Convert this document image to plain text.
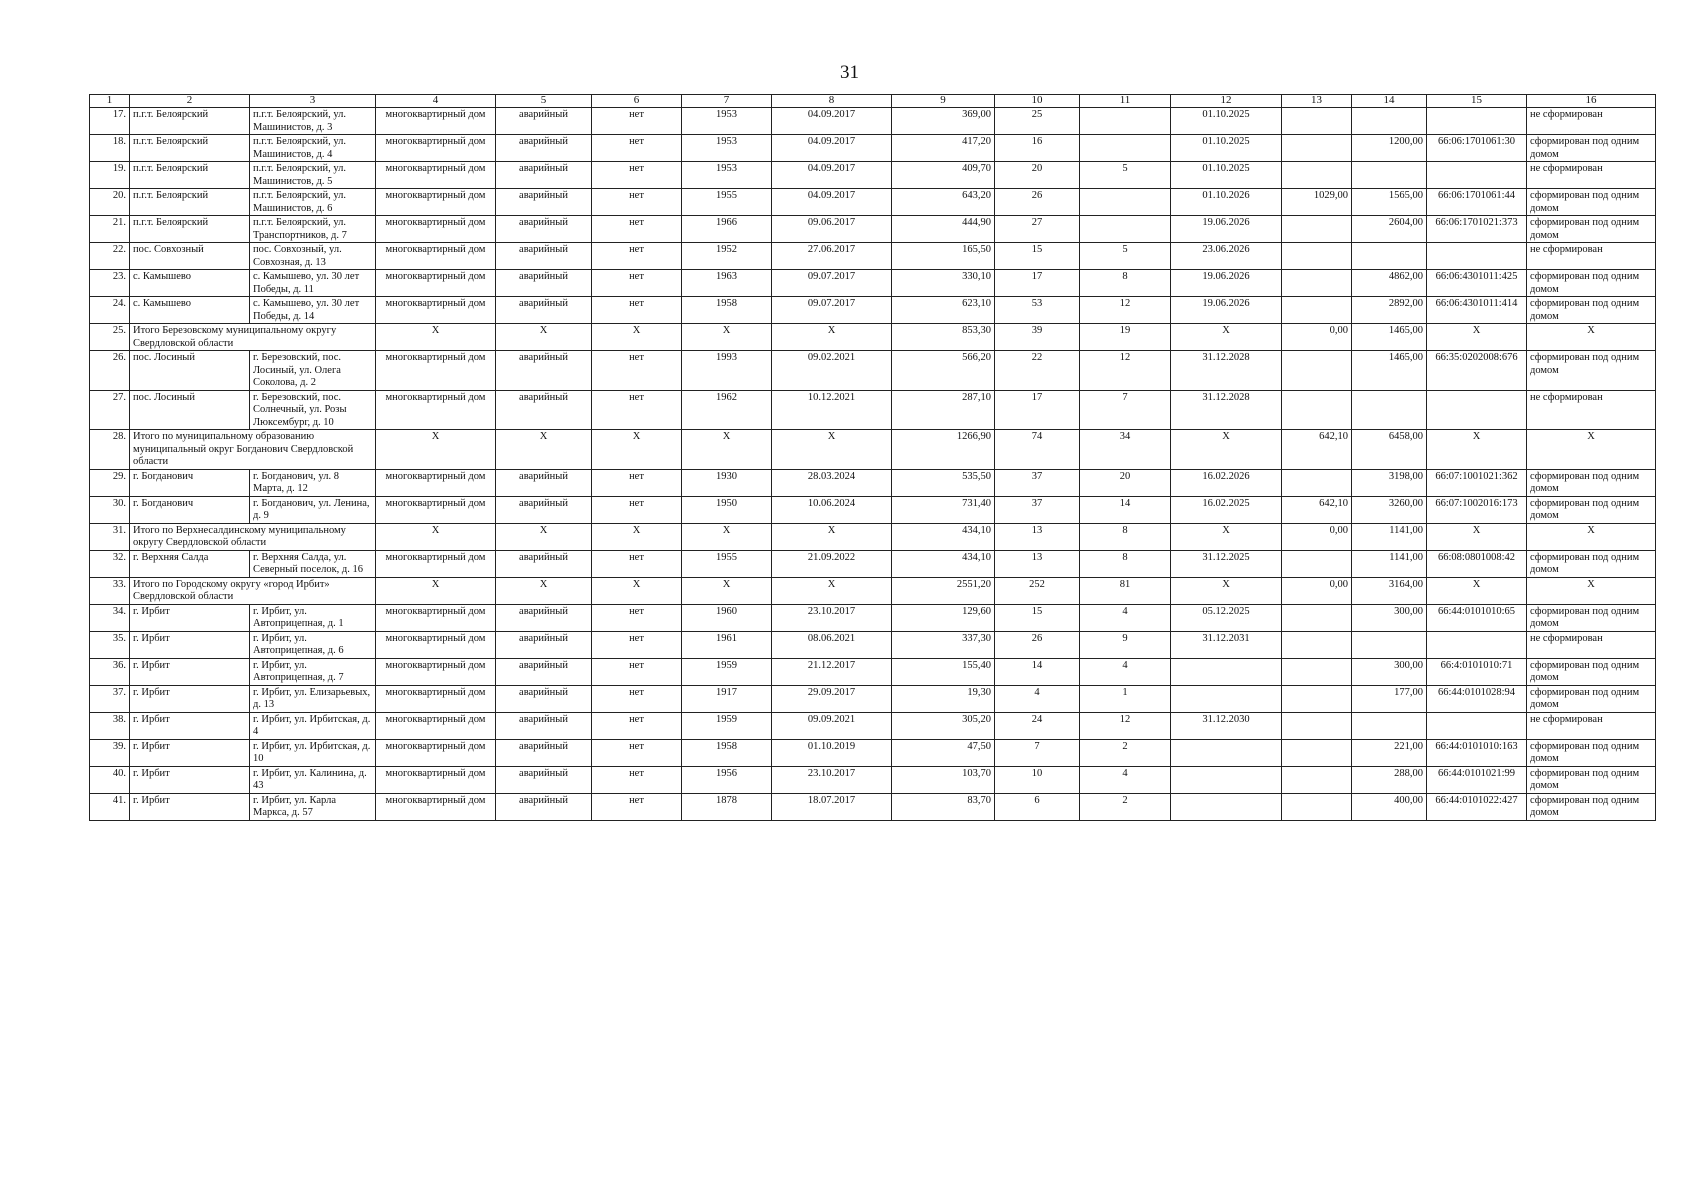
31
1	2	3	4	5	6	7	8	9	10	11	12	13	14	15	16
17.	п.г.т. Белоярский	п.г.т. Белоярский, ул. Машинистов, д. 3	многоквартирный дом	аварийный	нет	1953	04.09.2017	369,00	25		01.10.2025				не сформирован
18.	п.г.т. Белоярский	п.г.т. Белоярский, ул. Машинистов, д. 4	многоквартирный дом	аварийный	нет	1953	04.09.2017	417,20	16		01.10.2025		1200,00	66:06:1701061:30	сформирован под одним домом
19.	п.г.т. Белоярский	п.г.т. Белоярский, ул. Машинистов, д. 5	многоквартирный дом	аварийный	нет	1953	04.09.2017	409,70	20	5	01.10.2025				не сформирован
20.	п.г.т. Белоярский	п.г.т. Белоярский, ул. Машинистов, д. 6	многоквартирный дом	аварийный	нет	1955	04.09.2017	643,20	26		01.10.2026	1029,00	1565,00	66:06:1701061:44	сформирован под одним домом
21.	п.г.т. Белоярский	п.г.т. Белоярский, ул. Транспортников, д. 7	многоквартирный дом	аварийный	нет	1966	09.06.2017	444,90	27		19.06.2026		2604,00	66:06:1701021:373	сформирован под одним домом
22.	пос. Совхозный	пос. Совхозный, ул. Совхозная, д. 13	многоквартирный дом	аварийный	нет	1952	27.06.2017	165,50	15	5	23.06.2026				не сформирован
23.	с. Камышево	с. Камышево, ул. 30 лет Победы, д. 11	многоквартирный дом	аварийный	нет	1963	09.07.2017	330,10	17	8	19.06.2026		4862,00	66:06:4301011:425	сформирован под одним домом
24.	с. Камышево	с. Камышево, ул. 30 лет Победы, д. 14	многоквартирный дом	аварийный	нет	1958	09.07.2017	623,10	53	12	19.06.2026		2892,00	66:06:4301011:414	сформирован под одним домом
25.	Итого Березовскому муниципальному округу Свердловской области		X	X	X	X	X	853,30	39	19	X	0,00	1465,00	X	X
26.	пос. Лосиный	г. Березовский, пос. Лосиный, ул. Олега Соколова, д. 2	многоквартирный дом	аварийный	нет	1993	09.02.2021	566,20	22	12	31.12.2028		1465,00	66:35:0202008:676	сформирован под одним домом
27.	пос. Лосиный	г. Березовский, пос. Солнечный, ул. Розы Люксембург, д. 10	многоквартирный дом	аварийный	нет	1962	10.12.2021	287,10	17	7	31.12.2028				не сформирован
28.	Итого по муниципальному образованию муниципальный округ Богданович Свердловской области		X	X	X	X	X	1266,90	74	34	X	642,10	6458,00	X	X
29.	г. Богданович	г. Богданович, ул. 8 Марта, д. 12	многоквартирный дом	аварийный	нет	1930	28.03.2024	535,50	37	20	16.02.2026		3198,00	66:07:1001021:362	сформирован под одним домом
30.	г. Богданович	г. Богданович, ул. Ленина, д. 9	многоквартирный дом	аварийный	нет	1950	10.06.2024	731,40	37	14	16.02.2025	642,10	3260,00	66:07:1002016:173	сформирован под одним домом
31.	Итого по Верхнесалдинскому муниципальному округу Свердловской области		X	X	X	X	X	434,10	13	8	X	0,00	1141,00	X	X
32.	г. Верхняя Салда	г. Верхняя Салда, ул. Северный поселок, д. 16	многоквартирный дом	аварийный	нет	1955	21.09.2022	434,10	13	8	31.12.2025		1141,00	66:08:0801008:42	сформирован под одним домом
33.	Итого по Городскому округу «город Ирбит» Свердловской области		X	X	X	X	X	2551,20	252	81	X	0,00	3164,00	X	X
34.	г. Ирбит	г. Ирбит, ул. Автоприцепная, д. 1	многоквартирный дом	аварийный	нет	1960	23.10.2017	129,60	15	4	05.12.2025		300,00	66:44:0101010:65	сформирован под одним домом
35.	г. Ирбит	г. Ирбит, ул. Автоприцепная, д. 6	многоквартирный дом	аварийный	нет	1961	08.06.2021	337,30	26	9	31.12.2031				не сформирован
36.	г. Ирбит	г. Ирбит, ул. Автоприцепная, д. 7	многоквартирный дом	аварийный	нет	1959	21.12.2017	155,40	14	4			300,00	66:4:0101010:71	сформирован под одним домом
37.	г. Ирбит	г. Ирбит, ул. Елизарьевых, д. 13	многоквартирный дом	аварийный	нет	1917	29.09.2017	19,30	4	1			177,00	66:44:0101028:94	сформирован под одним домом
38.	г. Ирбит	г. Ирбит, ул. Ирбитская, д. 4	многоквартирный дом	аварийный	нет	1959	09.09.2021	305,20	24	12	31.12.2030				не сформирован
39.	г. Ирбит	г. Ирбит, ул. Ирбитская, д. 10	многоквартирный дом	аварийный	нет	1958	01.10.2019	47,50	7	2			221,00	66:44:0101010:163	сформирован под одним домом
40.	г. Ирбит	г. Ирбит, ул. Калинина, д. 43	многоквартирный дом	аварийный	нет	1956	23.10.2017	103,70	10	4			288,00	66:44:0101021:99	сформирован под одним домом
41.	г. Ирбит	г. Ирбит, ул. Карла Маркса, д. 57	многоквартирный дом	аварийный	нет	1878	18.07.2017	83,70	6	2			400,00	66:44:0101022:427	сформирован под одним домом
